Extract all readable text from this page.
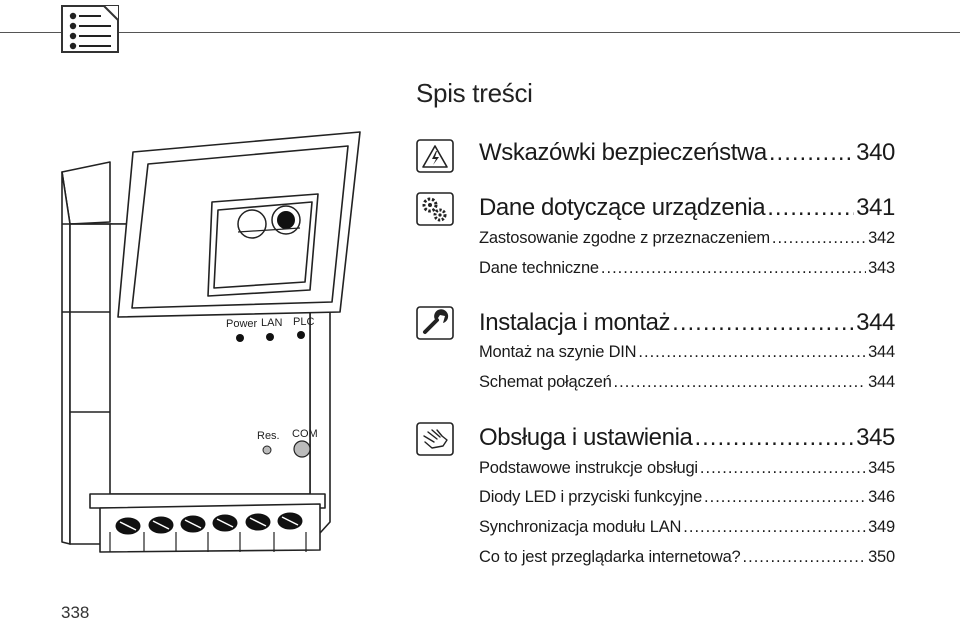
Spis treści
Power LAN PLC
Res. COM
Wskazówki bezpieczeństwa .....	340
Dane dotyczące urządzenia .....	341
Zastosowanie zgodne z przeznaczeniem .....	342
Dane techniczne .....	343
Instalacja i montaż .....	344
Montaż na szynie DIN .....	344
Schemat połączeń .....	344
Obsługa i ustawienia .....	345
Podstawowe instrukcje obsługi .....	345
Diody LED i przyciski funkcyjne .....	346
Synchronizacja modułu LAN .....	349
Co to jest przeglądarka internetowa? .....	350
338
